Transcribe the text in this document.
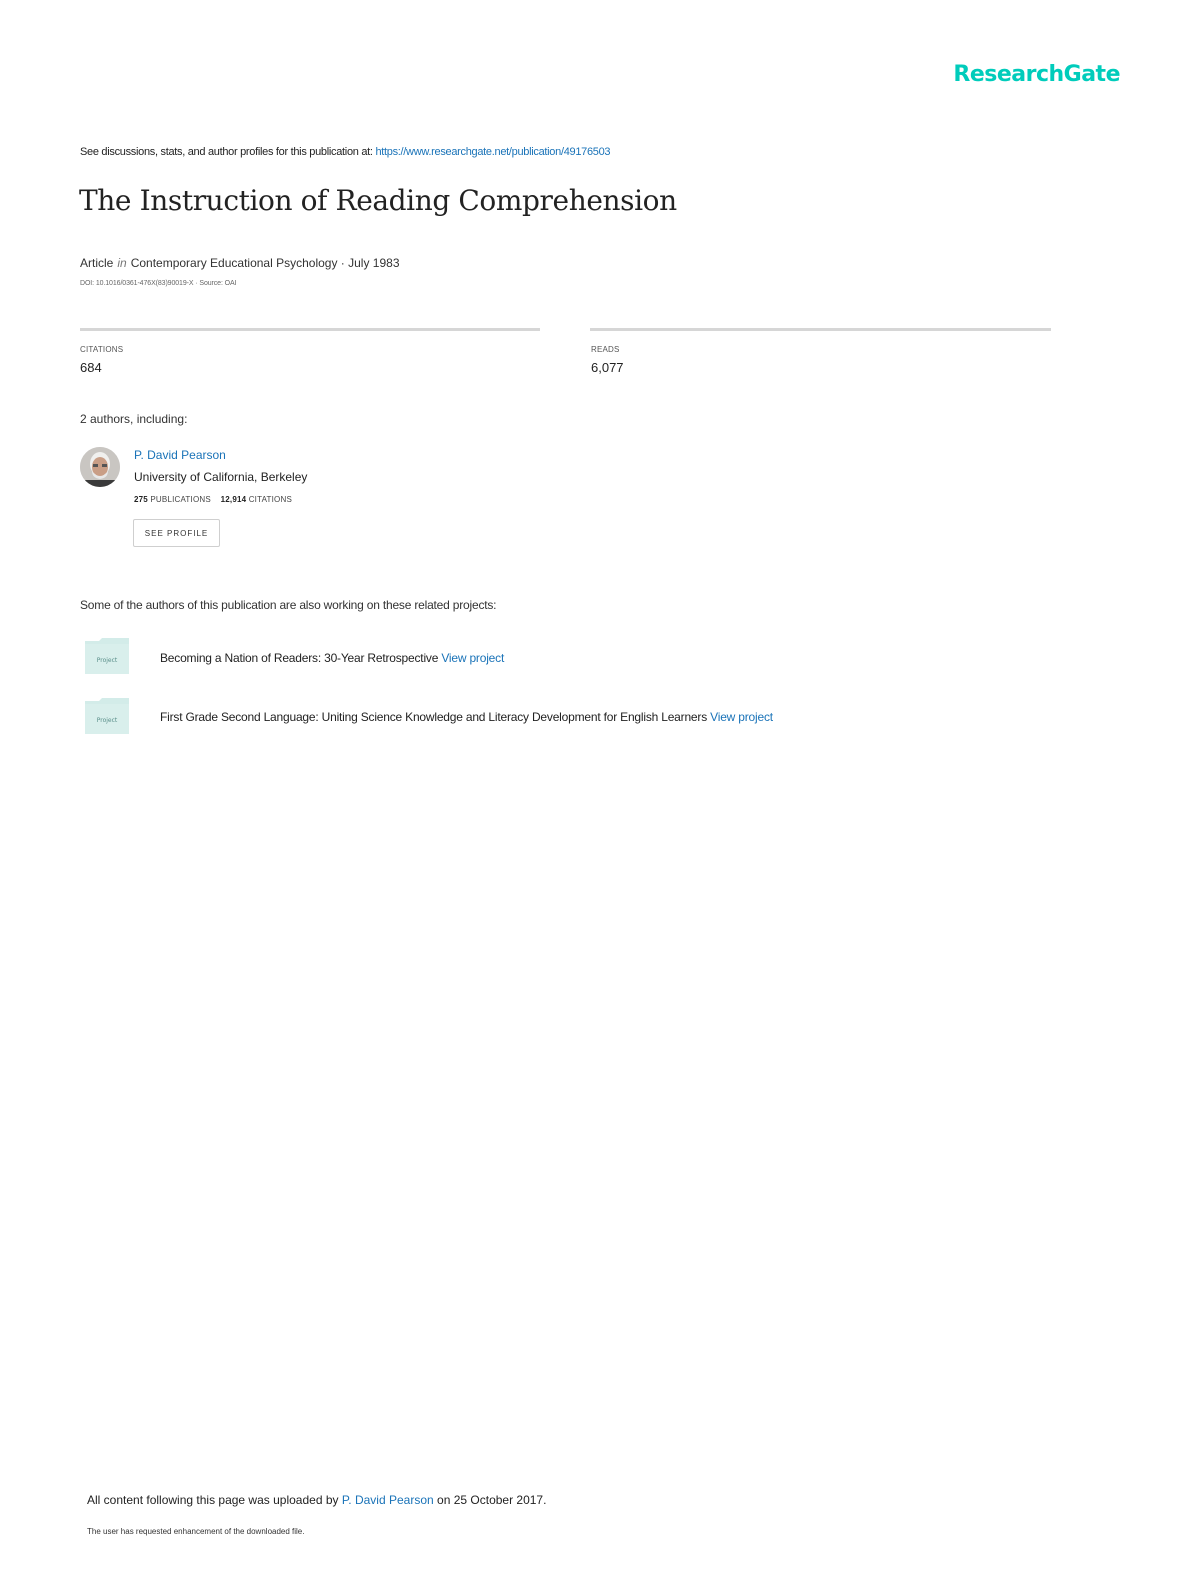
ResearchGate
See discussions, stats, and author profiles for this publication at: https://www.researchgate.net/publication/49176503
The Instruction of Reading Comprehension
Article in Contemporary Educational Psychology · July 1983
DOI: 10.1016/0361-476X(83)90019-X · Source: OAI
CITATIONS
684
READS
6,077
2 authors, including:
P. David Pearson
University of California, Berkeley
275 PUBLICATIONS 12,914 CITATIONS
SEE PROFILE
Some of the authors of this publication are also working on these related projects:
Project	Becoming a Nation of Readers: 30-Year Retrospective View project
Project	First Grade Second Language: Uniting Science Knowledge and Literacy Development for English Learners View project
All content following this page was uploaded by P. David Pearson on 25 October 2017.
The user has requested enhancement of the downloaded file.
